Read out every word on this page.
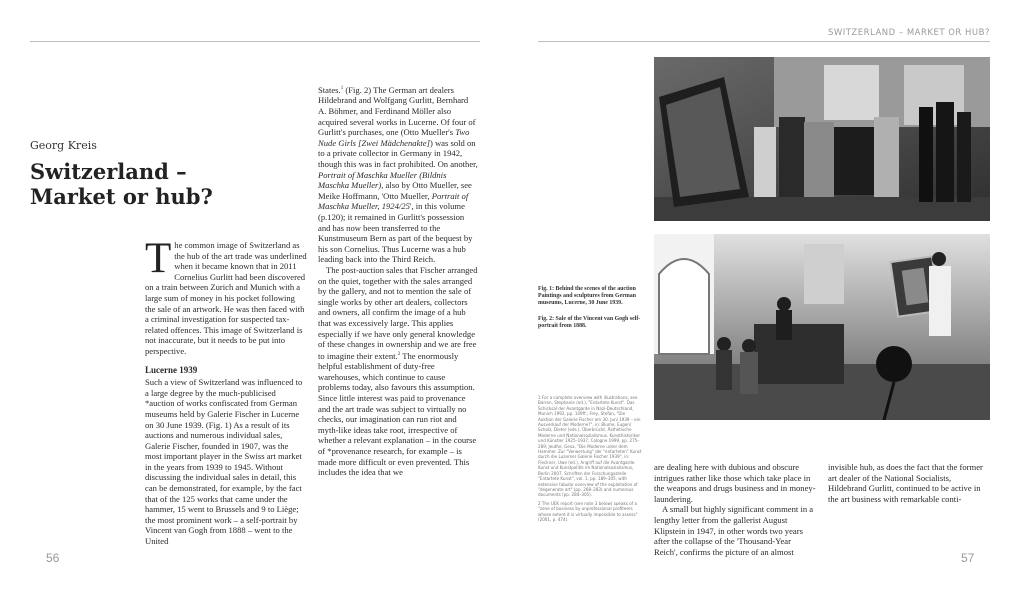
SWITZERLAND – MARKET OR HUB?
Georg Kreis
Switzerland –
Market or hub?

The common image of Switzerland as the hub of the art trade was underlined when it became known that in 2011 Cornelius Gurlitt had been discovered on a train between Zurich and Munich with a large sum of money in his pocket following the sale of an artwork. He was then faced with a criminal investigation for suspected tax-related offences. This image of Switzerland is not inaccurate, but it needs to be put into perspective.

Lucerne 1939

Such a view of Switzerland was influenced to a large degree by the much-publicised *auction of works confiscated from German museums held by Galerie Fischer in Lucerne on 30 June 1939. (Fig. 1) As a result of its auctions and numerous individual sales, Galerie Fischer, founded in 1907, was the most important player in the Swiss art market in the years from 1939 to 1945. Without discussing the individual sales in detail, this can be demonstrated, for example, by the fact that of the 125 works that came under the hammer, 15 went to Brussels and 9 to Liège; the most prominent work – a self-portrait by Vincent van Gogh from 1888 – went to the United

States.$^1$ (Fig. 2) The German art dealers Hildebrand and Wolfgang Gurlitt, Bernhard A. Böhmer, and Ferdinand Möller also acquired several works in Lucerne. Of four of Gurlitt's purchases, one (Otto Mueller's Two Nude Girls [Zwei Mädchenakte]) was sold on to a private collector in Germany in 1942, though this was in fact prohibited. On another, Portrait of Maschka Mueller (Bildnis Maschka Mueller), also by Otto Mueller, see Meike Hoffmann, 'Otto Mueller, Portrait of Maschka Mueller, 1924/25', in this volume (p.120); it remained in Gurlitt's possession and has now been transferred to the Kunstmuseum Bern as part of the bequest by his son Cornelius. Thus Lucerne was a hub leading back into the Third Reich.

The post-auction sales that Fischer arranged on the quiet, together with the sales arranged by the gallery, and not to mention the sale of single works by other art dealers, collectors and owners, all confirm the image of a hub that was excessively large. This applies especially if we have only general knowledge of these changes in ownership and we are free to imagine their extent.$^2$ The enormously helpful establishment of duty-free warehouses, which continue to cause problems today, also favours this assumption. Since little interest was paid to provenance and the art trade was subject to virtually no checks, our imagination can run riot and myth-like ideas take root, irrespective of whether a relevant explanation – in the course of *provenance research, for example – is made more difficult or even prevented. This includes the idea that we

Fig. 1: Behind the scenes of the auction Paintings and sculptures from German museums, Lucerne, 30 June 1939.
Fig. 2: Sale of the Vincent van Gogh self-portrait from 1888.
1 For a complete overview with illustrations, see Barron, Stephanie (ed.), "Entartete Kunst". Das Schicksal der Avantgarde in Nazi-Deutschland, Munich 1992, pp. 149ff.; Frey, Stefan, "Die Auktion der Galerie Fischer am 30. Juni 1939 – ein Ausverkauf der Moderne?", in: Blume, Eugen/ Scholz, Dieter (eds.), Überbrückt. Ästhetische Moderne und Nationalsozialismus. Kunsthistoriker und Künstler 1925–1937, Cologne 1999, pp. 275–289; Jeuthe, Gesa, "Die Moderne unter dem Hammer. Zur "Verwertung" der "entarteten" Kunst durch die Luzerner Galerie Fischer 1939", in: Fleckner, Uwe (ed.), Angriff auf die Avantgarde. Kunst und Kunstpolitik im Nationalsozialismus, Berlin 2007. Schriften der Forschungsstelle "Entartete Kunst", vol. 1, pp. 189–305, with extensive tabular overview of the exploitation of "degenerate art" (pp. 268–283) and numerous documents (pp. 284–305).
2 The UEK report (see note 3 below) speaks of a "zone of business by unprofessional profiteers whose extent it is virtually impossible to assess" (2001, p. 474).

are dealing here with dubious and obscure intrigues rather like those which take place in the weapons and drugs business and in money-laundering.

A small but highly significant comment in a lengthy letter from the gallerist August Klipstein in 1947, in other words two years after the collapse of the 'Thousand-Year Reich', confirms the picture of an almost

invisible hub, as does the fact that the former art dealer of the National Socialists, Hildebrand Gurlitt, continued to be active in the art business with remarkable conti-

56	57
